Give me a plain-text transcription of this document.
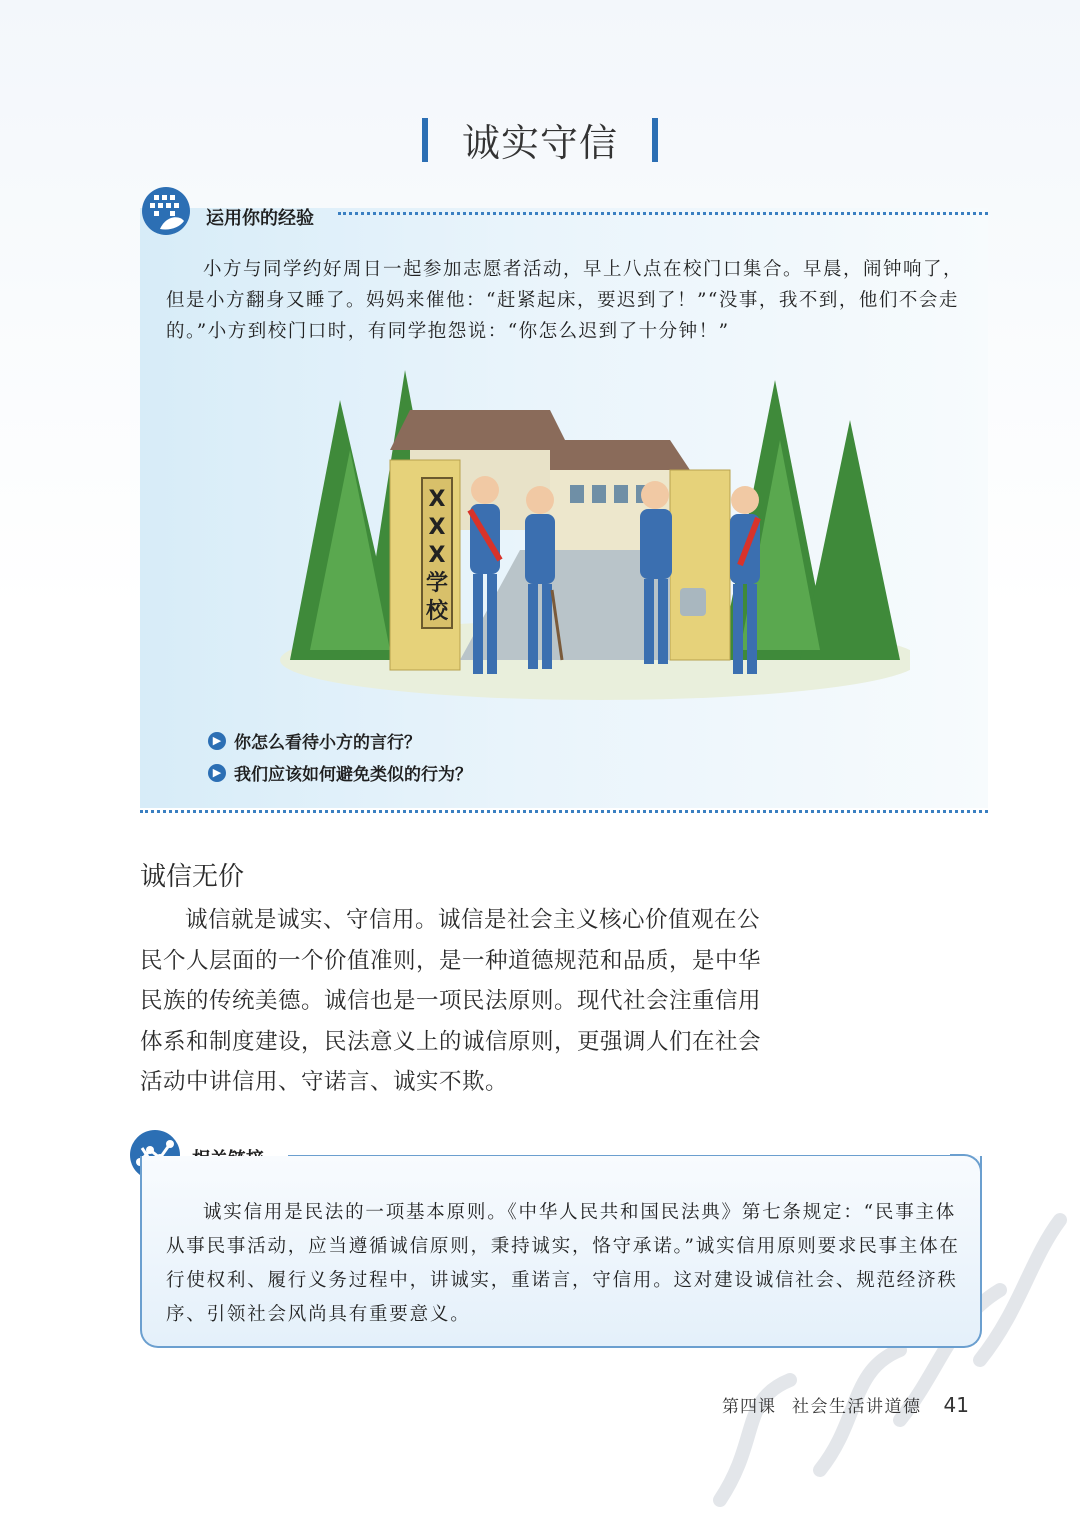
诚实守信
运用你的经验
小方与同学约好周日一起参加志愿者活动，早上八点在校门口集合。早晨，闹钟响了，但是小方翻身又睡了。妈妈来催他：“赶紧起床，要迟到了！”“没事，我不到，他们不会走的。”小方到校门口时，有同学抱怨说：“你怎么迟到了十分钟！”
X
X
X
学
校
▶ 你怎么看待小方的言行？
▶ 我们应该如何避免类似的行为？
诚信无价
诚信就是诚实、守信用。诚信是社会主义核心价值观在公民个人层面的一个价值准则，是一种道德规范和品质，是中华民族的传统美德。诚信也是一项民法原则。现代社会注重信用体系和制度建设，民法意义上的诚信原则，更强调人们在社会活动中讲信用、守诺言、诚实不欺。
诚实信用是民法的一项基本原则。《中华人民共和国民法典》第七条规定：“民事主体从事民事活动，应当遵循诚信原则，秉持诚实，恪守承诺。”诚实信用原则要求民事主体在行使权利、履行义务过程中，讲诚实，重诺言，守信用。这对建设诚信社会、规范经济秩序、引领社会风尚具有重要意义。
第四课 社会生活讲道德 41
